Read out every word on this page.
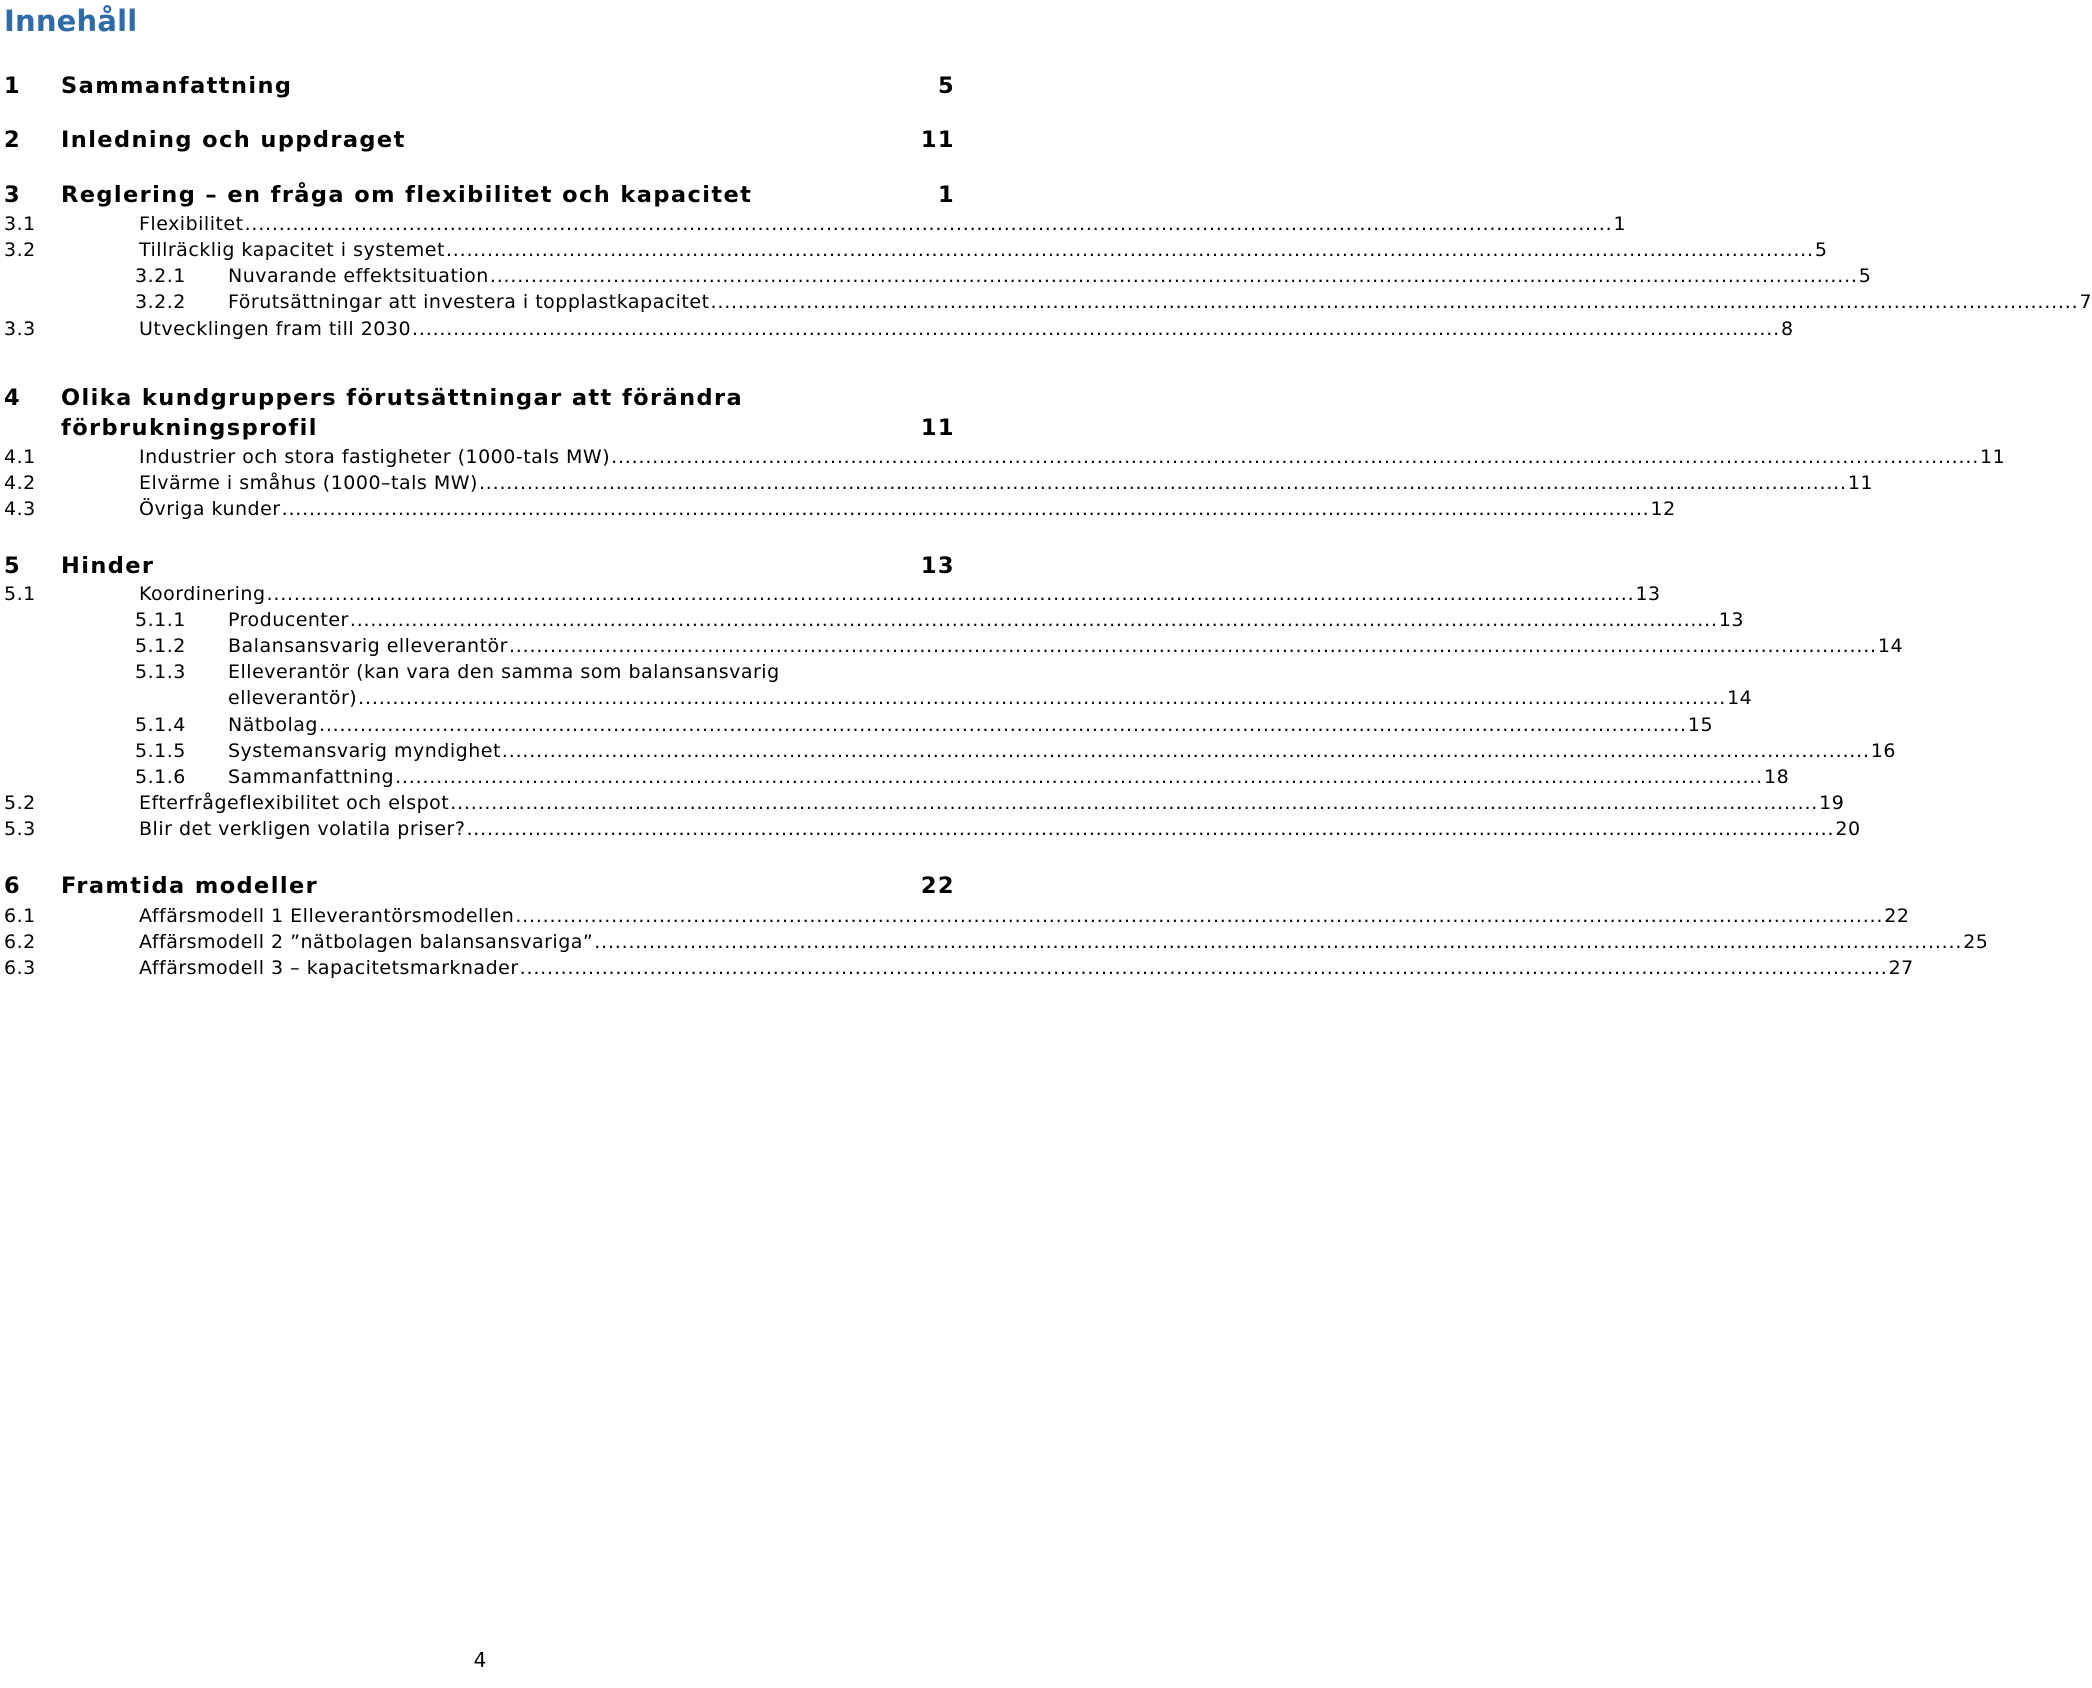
Innehåll
1 Sammanfattning	5
2 Inledning och uppdraget	11
3 Reglering – en fråga om flexibilitet och kapacitet	1
3.1	Flexibilitet ........................................................................................................................................................................................................ 1
3.2	Tillräcklig kapacitet i systemet ........................................................................................................................................................................................................ 5
3.2.1 Nuvarande effektsituation ........................................................................................................................................................................................................ 5
3.2.2 Förutsättningar att investera i topplastkapacitet ........................................................................................................................................................................................................ 7
3.3	Utvecklingen fram till 2030 ........................................................................................................................................................................................................ 8
4 Olika kundgruppers förutsättningar att förändra
förbrukningsprofil	11
4.1	Industrier och stora fastigheter (1000-tals MW) ........................................................................................................................................................................................................ 11
4.2	Elvärme i småhus (1000–tals MW) ........................................................................................................................................................................................................ 11
4.3	Övriga kunder ........................................................................................................................................................................................................ 12
5 Hinder	13
5.1	Koordinering ........................................................................................................................................................................................................ 13
5.1.1 Producenter ........................................................................................................................................................................................................ 13
5.1.2 Balansansvarig elleverantör ........................................................................................................................................................................................................ 14
5.1.3 Elleverantör (kan vara den samma som balansansvarig
elleverantör) ........................................................................................................................................................................................................ 14
5.1.4 Nätbolag ........................................................................................................................................................................................................ 15
5.1.5 Systemansvarig myndighet ........................................................................................................................................................................................................ 16
5.1.6 Sammanfattning ........................................................................................................................................................................................................ 18
5.2	Efterfrågeflexibilitet och elspot ........................................................................................................................................................................................................ 19
5.3	Blir det verkligen volatila priser? ........................................................................................................................................................................................................ 20
6 Framtida modeller	22
6.1	Affärsmodell 1 Elleverantörsmodellen ........................................................................................................................................................................................................ 22
6.2	Affärsmodell 2 ”nätbolagen balansansvariga” ........................................................................................................................................................................................................ 25
6.3	Affärsmodell 3 – kapacitetsmarknader ........................................................................................................................................................................................................ 27
4
